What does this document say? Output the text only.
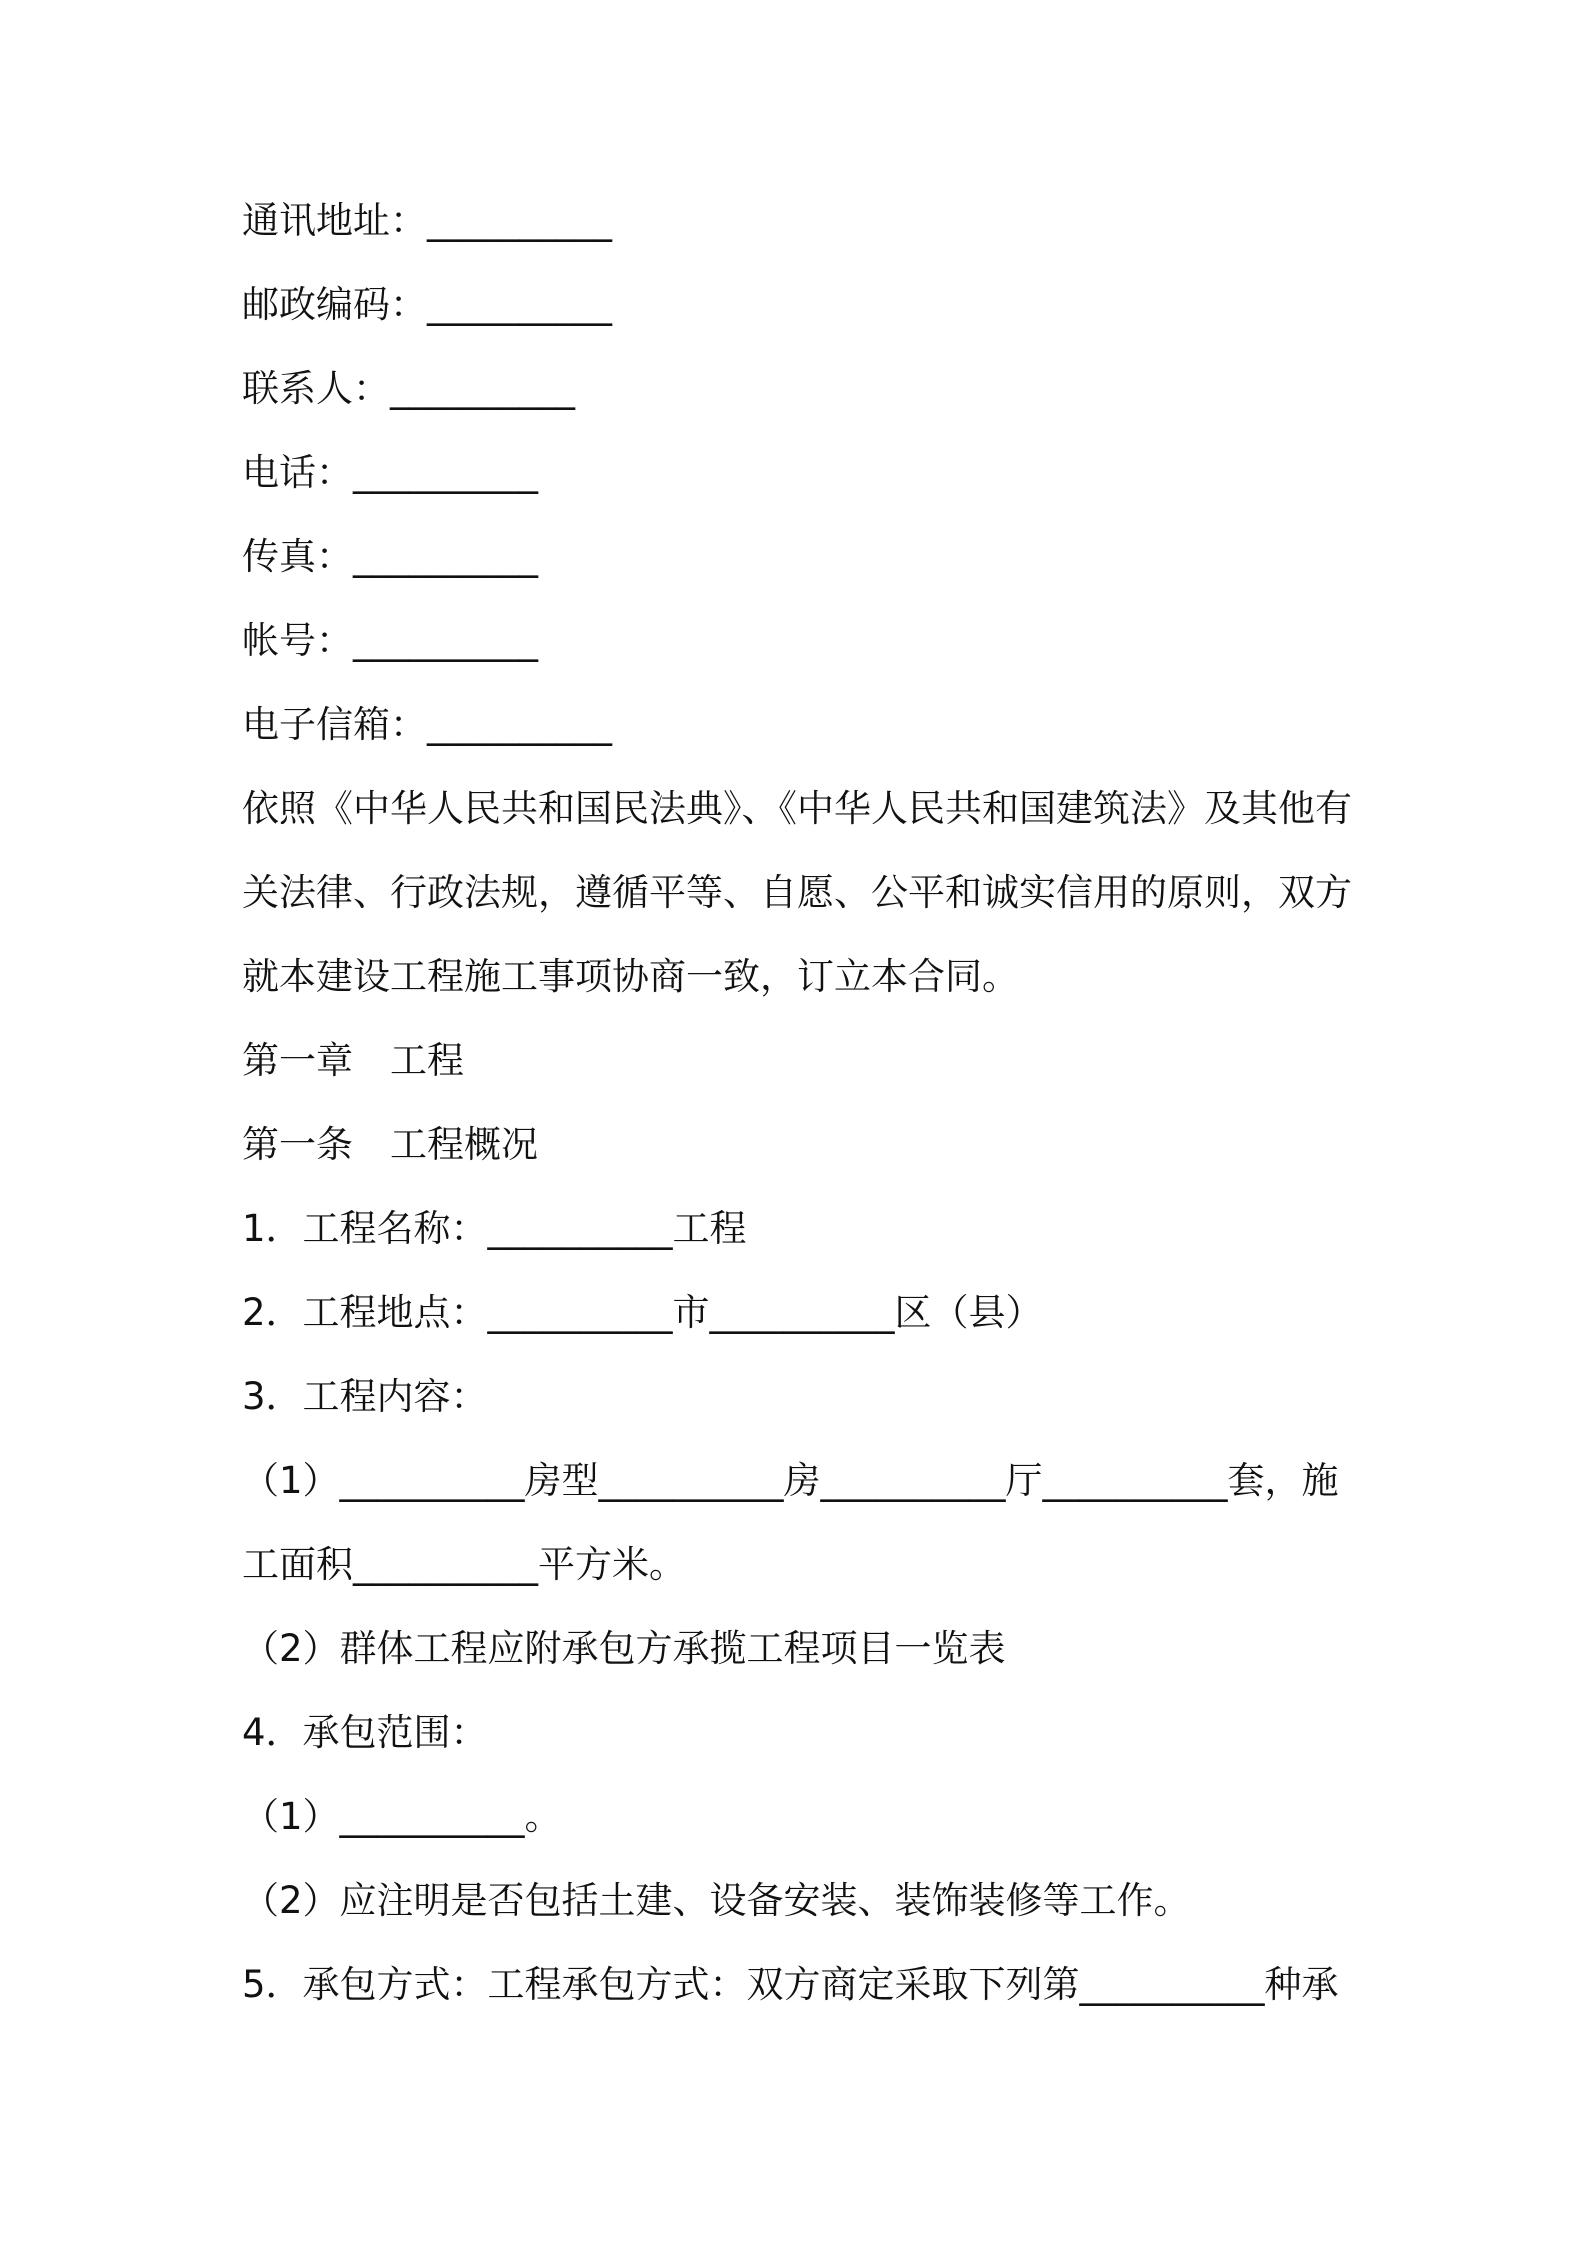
通讯地址：__________
邮政编码：__________
联系人：__________
电话：__________
传真：__________
帐号：__________
电子信箱：__________
依照《中华人民共和国民法典》、《中华人民共和国建筑法》及其他有
关法律、行政法规，遵循平等、自愿、公平和诚实信用的原则，双方
就本建设工程施工事项协商一致，订立本合同。
第一章　工程
第一条　工程概况
1．工程名称：__________工程
2．工程地点：__________市__________区（县）
3．工程内容：
（1）__________房型__________房__________厅__________套，施
工面积__________平方米。
（2）群体工程应附承包方承揽工程项目一览表
4．承包范围：
（1）__________。
（2）应注明是否包括土建、设备安装、装饰装修等工作。
5．承包方式：工程承包方式：双方商定采取下列第__________种承
